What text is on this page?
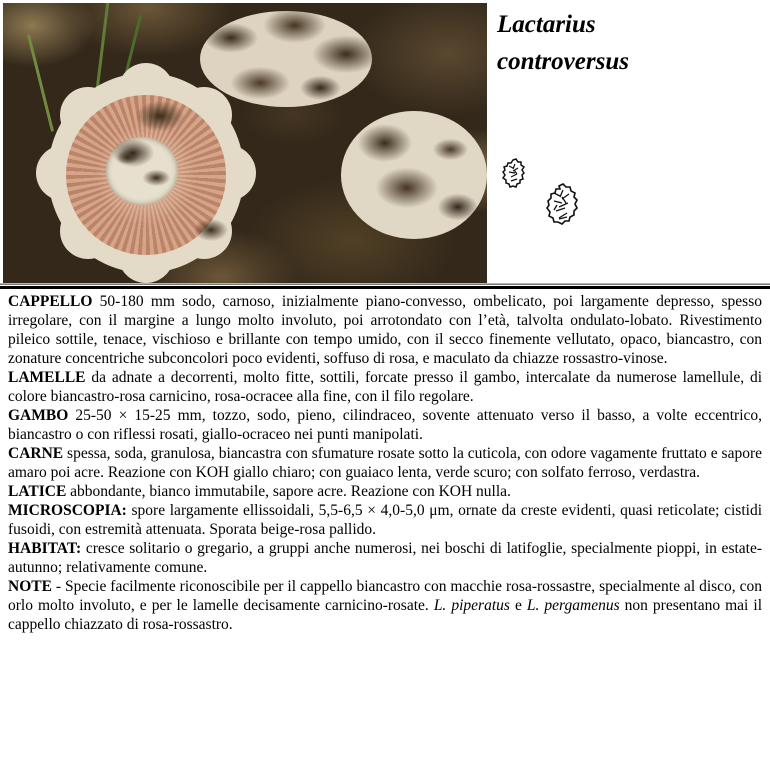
Lactarius
controversus

CAPPELLO 50-180 mm sodo, carnoso, inizialmente piano-convesso, ombelicato, poi largamente depresso, spesso irregolare, con il margine a lungo molto involuto, poi arrotondato con l’età, talvolta ondulato-lobato. Rivestimento pileico sottile, tenace, vischioso e brillante con tempo umido, con il secco finemente vellutato, opaco, biancastro, con zonature concentriche subconcolori poco evidenti, soffuso di rosa, e maculato da chiazze rossastro-vinose.

LAMELLE da adnate a decorrenti, molto fitte, sottili, forcate presso il gambo, intercalate da numerose lamellule, di colore biancastro-rosa carnicino, rosa-ocracee alla fine, con il filo regolare.

GAMBO 25-50 × 15-25 mm, tozzo, sodo, pieno, cilindraceo, sovente attenuato verso il basso, a volte eccentrico, biancastro o con riflessi rosati, giallo-ocraceo nei punti manipolati.

CARNE spessa, soda, granulosa, biancastra con sfumature rosate sotto la cuticola, con odore vagamente fruttato e sapore amaro poi acre. Reazione con KOH giallo chiaro; con guaiaco lenta, verde scuro; con solfato ferroso, verdastra.

LATICE abbondante, bianco immutabile, sapore acre. Reazione con KOH nulla.

MICROSCOPIA: spore largamente ellissoidali, 5,5-6,5 × 4,0-5,0 μm, ornate da creste evidenti, quasi reticolate; cistidi fusoidi, con estremità attenuata. Sporata beige-rosa pallido.

HABITAT: cresce solitario o gregario, a gruppi anche numerosi, nei boschi di latifoglie, specialmente pioppi, in estate-autunno; relativamente comune.

NOTE - Specie facilmente riconoscibile per il cappello biancastro con macchie rosa-rossastre, specialmente al disco, con orlo molto involuto, e per le lamelle decisamente carnicino-rosate. L. piperatus e L. pergamenus non presentano mai il cappello chiazzato di rosa-rossastro.
